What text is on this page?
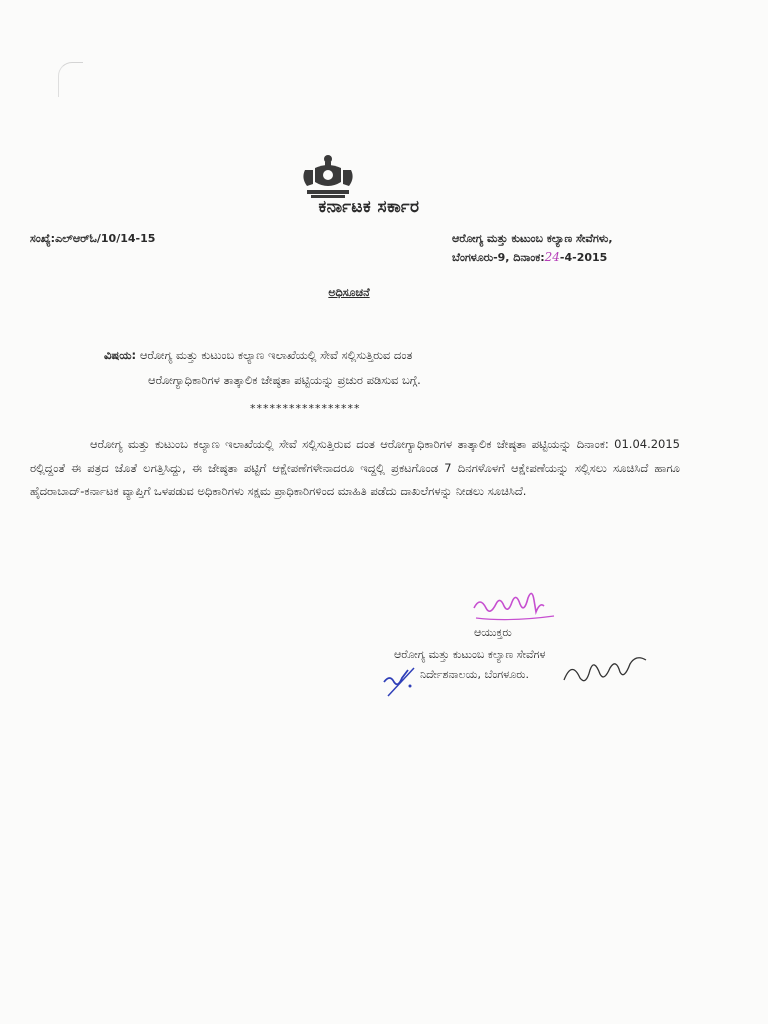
ಕರ್ನಾಟಕ ಸರ್ಕಾರ
ಸಂಖ್ಯೆ:ಎಲ್‌ಆರ್‌ಓ/10/14-15	ಆರೋಗ್ಯ ಮತ್ತು ಕುಟುಂಬ ಕಲ್ಯಾಣ ಸೇವೆಗಳು,
ಬೆಂಗಳೂರು-9, ದಿನಾಂಕ:24-4-2015
ಅಧಿಸೂಚನೆ
ವಿಷಯ: ಆರೋಗ್ಯ ಮತ್ತು ಕುಟುಂಬ ಕಲ್ಯಾಣ ಇಲಾಖೆಯಲ್ಲಿ ಸೇವೆ ಸಲ್ಲಿಸುತ್ತಿರುವ ದಂತ
ಆರೋಗ್ಯಾಧಿಕಾರಿಗಳ ತಾತ್ಕಾಲಿಕ ಜೇಷ್ಠತಾ ಪಟ್ಟಿಯನ್ನು ಪ್ರಚುರ ಪಡಿಸುವ ಬಗ್ಗೆ.
*****************
ಆರೋಗ್ಯ ಮತ್ತು ಕುಟುಂಬ ಕಲ್ಯಾಣ ಇಲಾಖೆಯಲ್ಲಿ ಸೇವೆ ಸಲ್ಲಿಸುತ್ತಿರುವ ದಂತ ಆರೋಗ್ಯಾಧಿಕಾರಿಗಳ ತಾತ್ಕಾಲಿಕ ಜೇಷ್ಠತಾ ಪಟ್ಟಿಯನ್ನು ದಿನಾಂಕ: 01.04.2015 ರಲ್ಲಿದ್ದಂತೆ ಈ ಪತ್ರದ ಜೊತೆ ಲಗತ್ತಿಸಿದ್ದು, ಈ ಜೇಷ್ಠತಾ ಪಟ್ಟಿಗೆ ಆಕ್ಷೇಪಣೆಗಳೇನಾದರೂ ಇದ್ದಲ್ಲಿ ಪ್ರಕಟಗೊಂಡ 7 ದಿನಗಳೊಳಗೆ ಆಕ್ಷೇಪಣೆಯನ್ನು ಸಲ್ಲಿಸಲು ಸೂಚಿಸಿದೆ ಹಾಗೂ ಹೈದರಾಬಾದ್-ಕರ್ನಾಟಕ ವ್ಯಾಪ್ತಿಗೆ ಒಳಪಡುವ ಅಧಿಕಾರಿಗಳು ಸಕ್ಷಮ ಪ್ರಾಧಿಕಾರಿಗಳಿಂದ ಮಾಹಿತಿ ಪಡೆದು ದಾಖಲೆಗಳನ್ನು ನೀಡಲು ಸೂಚಿಸಿದೆ.
ಆಯುಕ್ತರು
ಆರೋಗ್ಯ ಮತ್ತು ಕುಟುಂಬ ಕಲ್ಯಾಣ ಸೇವೆಗಳ
ನಿರ್ದೇಶನಾಲಯ, ಬೆಂಗಳೂರು.
